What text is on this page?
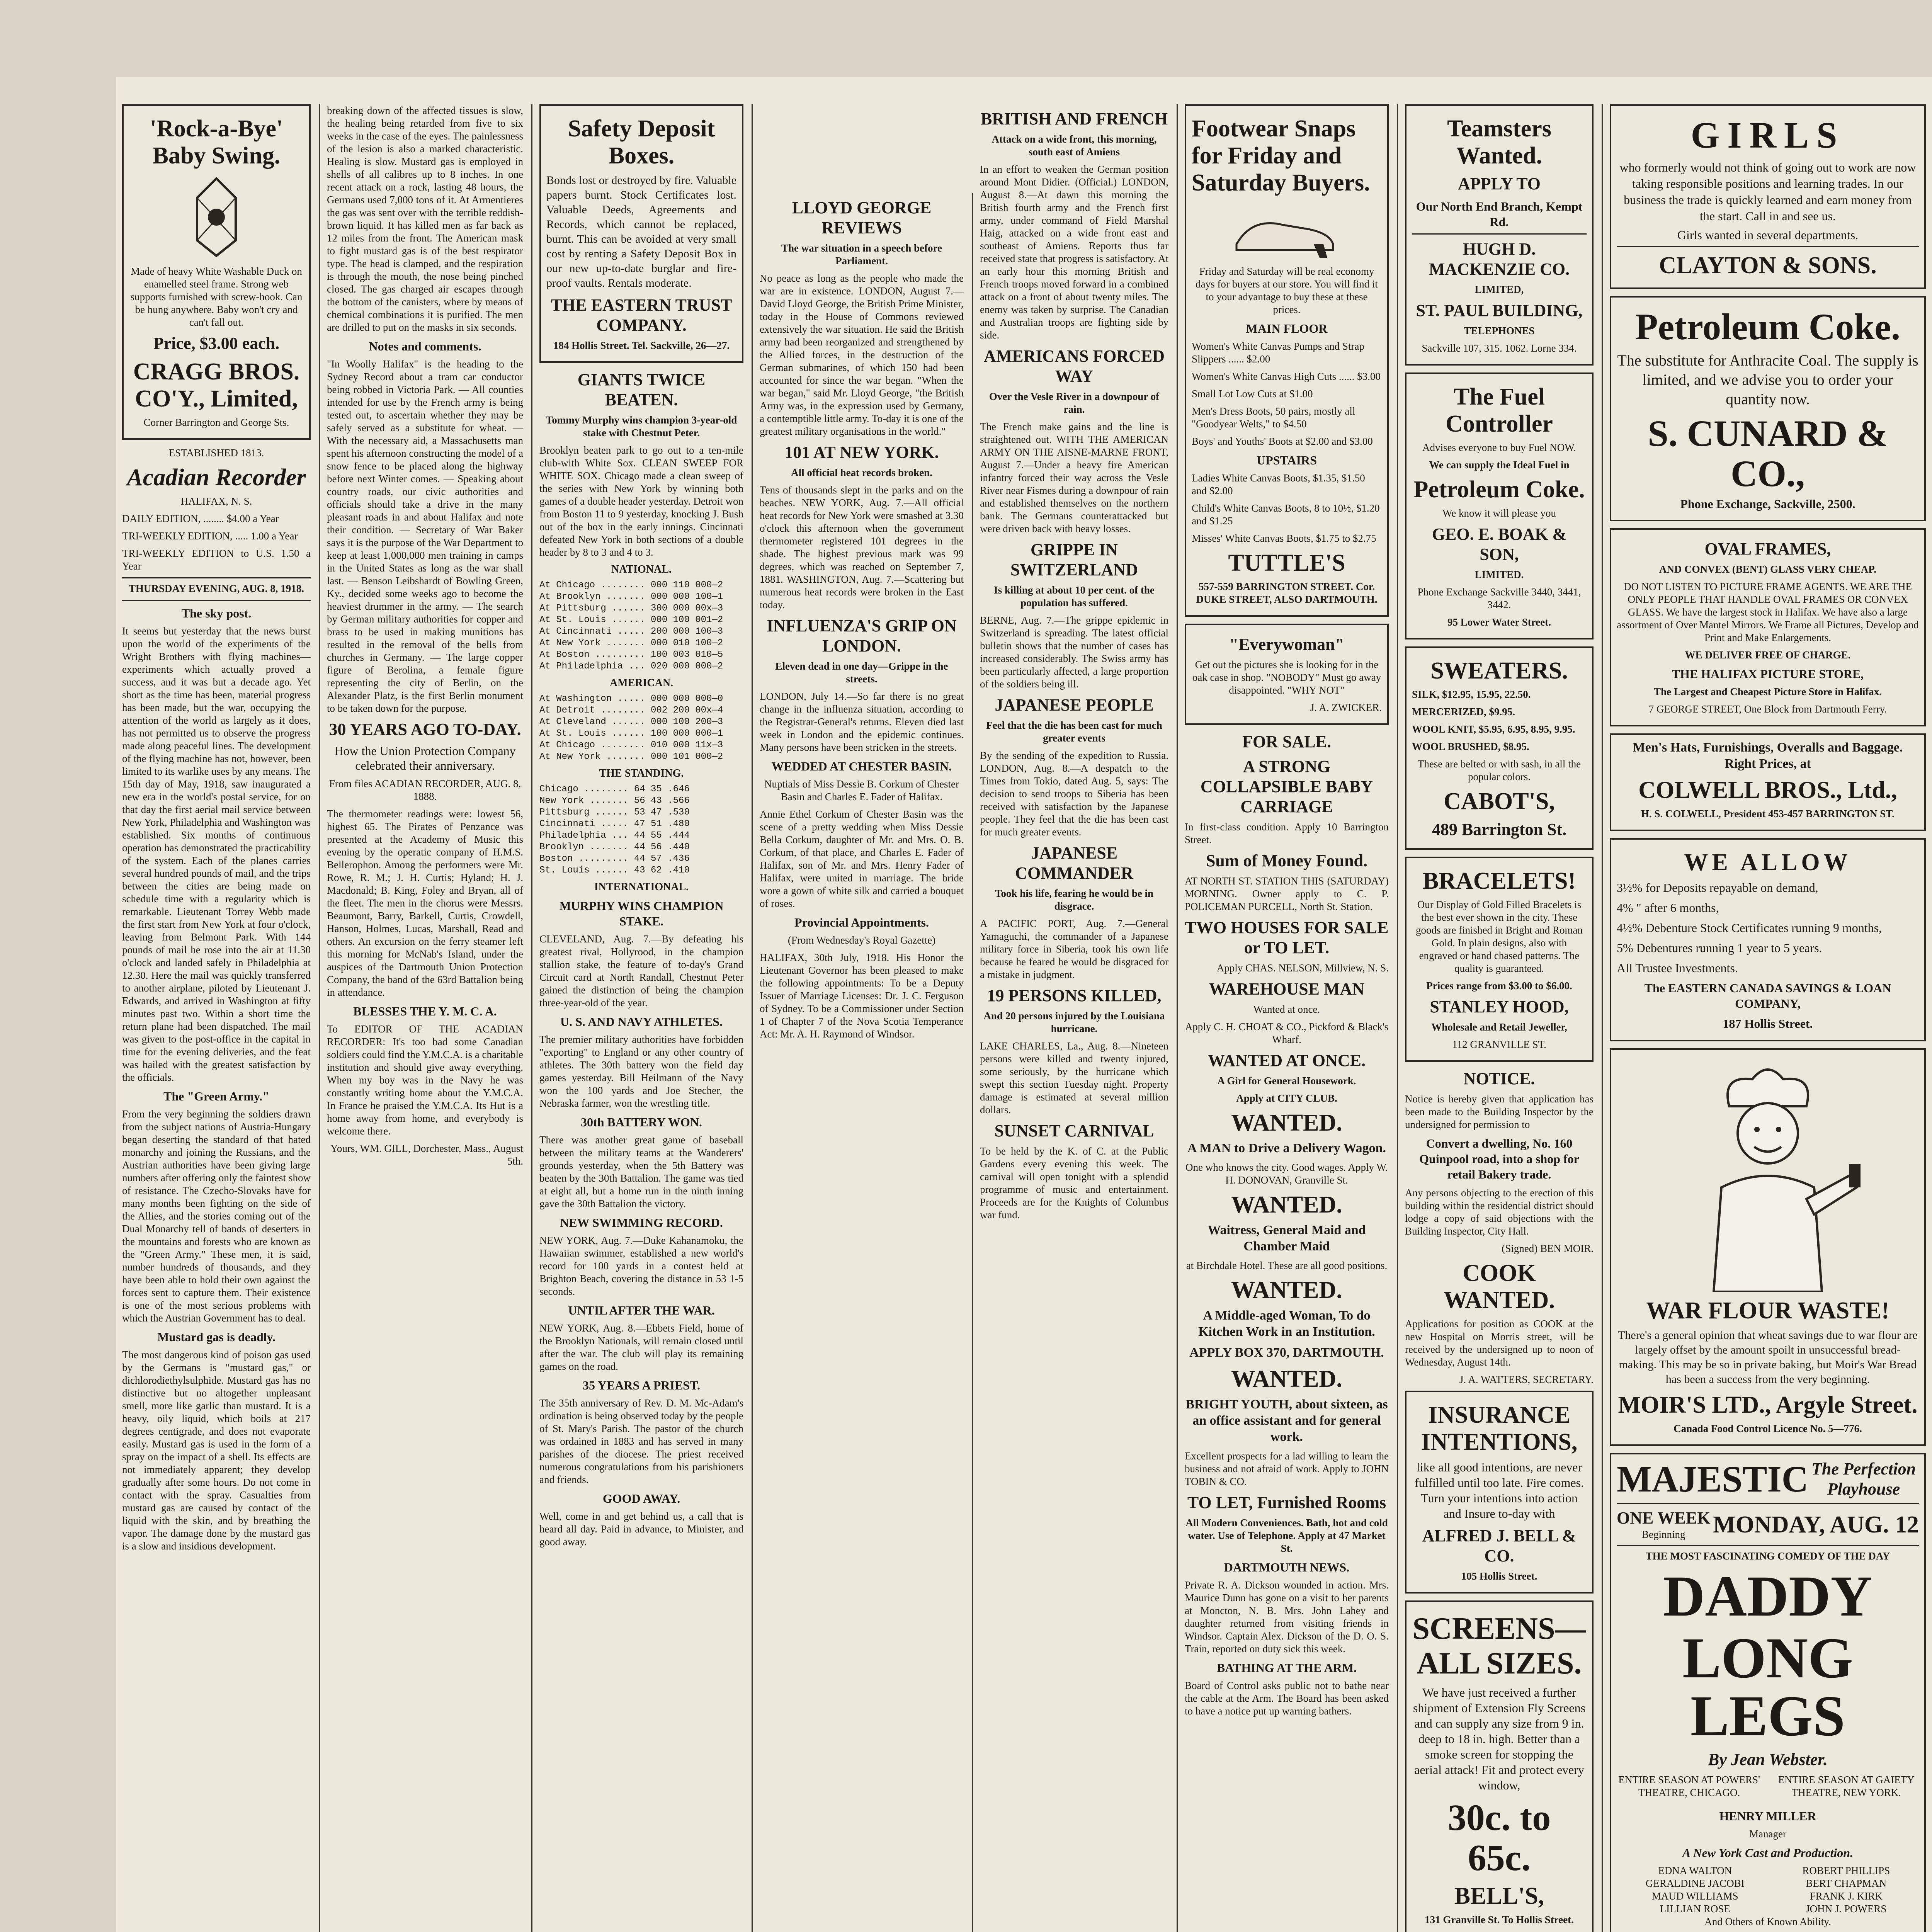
'Rock-a-Bye' Baby Swing.

Made of heavy White Washable Duck on enamelled steel frame. Strong web supports furnished with screw-hook. Can be hung anywhere. Baby won't cry and can't fall out.

Price, $3.00 each.
CRAGG BROS. CO'Y., Limited,
Corner Barrington and George Sts.
ESTABLISHED 1813.
Acadian Recorder
HALIFAX, N. S.
DAILY EDITION, ........ $4.00 a Year
TRI-WEEKLY EDITION, ..... 1.00 a Year
TRI-WEEKLY EDITION to U.S. 1.50 a Year
THURSDAY EVENING, AUG. 8, 1918.
The sky post.

It seems but yesterday that the news burst upon the world of the experiments of the Wright Brothers with flying machines—experiments which actually proved a success, and it was but a decade ago. Yet short as the time has been, material progress has been made, but the war, occupying the attention of the world as largely as it does, has not permitted us to observe the progress made along peaceful lines. The development of the flying machine has not, however, been limited to its warlike uses by any means. The 15th day of May, 1918, saw inaugurated a new era in the world's postal service, for on that day the first aerial mail service between New York, Philadelphia and Washington was established. Six months of continuous operation has demonstrated the practicability of the system. Each of the planes carries several hundred pounds of mail, and the trips between the cities are being made on schedule time with a regularity which is remarkable. Lieutenant Torrey Webb made the first start from New York at four o'clock, leaving from Belmont Park. With 144 pounds of mail he rose into the air at 11.30 o'clock and landed safely in Philadelphia at 12.30. Here the mail was quickly transferred to another airplane, piloted by Lieutenant J. Edwards, and arrived in Washington at fifty minutes past two. Within a short time the return plane had been dispatched. The mail was given to the post-office in the capital in time for the evening deliveries, and the feat was hailed with the greatest satisfaction by the officials.

The "Green Army."

From the very beginning the soldiers drawn from the subject nations of Austria-Hungary began deserting the standard of that hated monarchy and joining the Russians, and the Austrian authorities have been giving large numbers after offering only the faintest show of resistance. The Czecho-Slovaks have for many months been fighting on the side of the Allies, and the stories coming out of the Dual Monarchy tell of bands of deserters in the mountains and forests who are known as the "Green Army." These men, it is said, number hundreds of thousands, and they have been able to hold their own against the forces sent to capture them. Their existence is one of the most serious problems with which the Austrian Government has to deal.

Mustard gas is deadly.

The most dangerous kind of poison gas used by the Germans is "mustard gas," or dichlorodiethylsulphide. Mustard gas has no distinctive but no altogether unpleasant smell, more like garlic than mustard. It is a heavy, oily liquid, which boils at 217 degrees centigrade, and does not evaporate easily. Mustard gas is used in the form of a spray on the impact of a shell. Its effects are not immediately apparent; they develop gradually after some hours. Do not come in contact with the spray. Casualties from mustard gas are caused by contact of the liquid with the skin, and by breathing the vapor. The damage done by the mustard gas is a slow and insidious development.

breaking down of the affected tissues is slow, the healing being retarded from five to six weeks in the case of the eyes. The painlessness of the lesion is also a marked characteristic. Healing is slow. Mustard gas is employed in shells of all calibres up to 8 inches. In one recent attack on a rock, lasting 48 hours, the Germans used 7,000 tons of it. At Armentieres the gas was sent over with the terrible reddish-brown liquid. It has killed men as far back as 12 miles from the front. The American mask to fight mustard gas is of the best respirator type. The head is clamped, and the respiration is through the mouth, the nose being pinched closed. The gas charged air escapes through the bottom of the canisters, where by means of chemical combinations it is purified. The men are drilled to put on the masks in six seconds.

Notes and comments.

"In Woolly Halifax" is the heading to the Sydney Record about a tram car conductor being robbed in Victoria Park. — All counties intended for use by the French army is being tested out, to ascertain whether they may be safely served as a substitute for wheat. — With the necessary aid, a Massachusetts man spent his afternoon constructing the model of a snow fence to be placed along the highway before next Winter comes. — Speaking about country roads, our civic authorities and officials should take a drive in the many pleasant roads in and about Halifax and note their condition. — Secretary of War Baker says it is the purpose of the War Department to keep at least 1,000,000 men training in camps in the United States as long as the war shall last. — Benson Leibshardt of Bowling Green, Ky., decided some weeks ago to become the heaviest drummer in the army. — The search by German military authorities for copper and brass to be used in making munitions has resulted in the removal of the bells from churches in Germany. — The large copper figure of Berolina, a female figure representing the city of Berlin, on the Alexander Platz, is the first Berlin monument to be taken down for the purpose.

30 YEARS AGO TO-DAY.
How the Union Protection Company celebrated their anniversary.
From files ACADIAN RECORDER, AUG. 8, 1888.

The thermometer readings were: lowest 56, highest 65. The Pirates of Penzance was presented at the Academy of Music this evening by the operatic company of H.M.S. Bellerophon. Among the performers were Mr. Rowe, R. M.; J. H. Curtis; Hyland; H. J. Macdonald; B. King, Foley and Bryan, all of the fleet. The men in the chorus were Messrs. Beaumont, Barry, Barkell, Curtis, Crowdell, Hanson, Holmes, Lucas, Marshall, Read and others. An excursion on the ferry steamer left this morning for McNab's Island, under the auspices of the Dartmouth Union Protection Company, the band of the 63rd Battalion being in attendance.

BLESSES THE Y. M. C. A.

To EDITOR OF THE ACADIAN RECORDER: It's too bad some Canadian soldiers could find the Y.M.C.A. is a charitable institution and should give away everything. When my boy was in the Navy he was constantly writing home about the Y.M.C.A. In France he praised the Y.M.C.A. Its Hut is a home away from home, and everybody is welcome there.

Yours, WM. GILL, Dorchester, Mass., August 5th.

Safety Deposit Boxes.

Bonds lost or destroyed by fire. Valuable papers burnt. Stock Certificates lost. Valuable Deeds, Agreements and Records, which cannot be replaced, burnt. This can be avoided at very small cost by renting a Safety Deposit Box in our new up-to-date burglar and fire-proof vaults. Rentals moderate.

THE EASTERN TRUST COMPANY.
184 Hollis Street. Tel. Sackville, 26—27.
GIANTS TWICE BEATEN.
Tommy Murphy wins champion 3-year-old stake with Chestnut Peter.

Brooklyn beaten park to go out to a ten-mile club-with White Sox. CLEAN SWEEP FOR WHITE SOX. Chicago made a clean sweep of the series with New York by winning both games of a double header yesterday. Detroit won from Boston 11 to 9 yesterday, knocking J. Bush out of the box in the early innings. Cincinnati defeated New York in both sections of a double header by 8 to 3 and 4 to 3.

NATIONAL.
At Chicago ........ 000 110 000—2
At Brooklyn ....... 000 000 100—1
At Pittsburg ...... 300 000 00x—3
At St. Louis ...... 000 100 001—2
At Cincinnati ..... 200 000 100—3
At New York ....... 000 010 100—2
At Boston ......... 100 003 010—5
At Philadelphia ... 020 000 000—2
AMERICAN.
At Washington ..... 000 000 000—0
At Detroit ........ 002 200 00x—4
At Cleveland ...... 000 100 200—3
At St. Louis ...... 100 000 000—1
At Chicago ........ 010 000 11x—3
At New York ....... 000 101 000—2
THE STANDING.
Chicago ........ 64 35 .646
New York ....... 56 43 .566
Pittsburg ...... 53 47 .530
Cincinnati ..... 47 51 .480
Philadelphia ... 44 55 .444
Brooklyn ....... 44 56 .440
Boston ......... 44 57 .436
St. Louis ...... 43 62 .410
INTERNATIONAL.
MURPHY WINS CHAMPION STAKE.

CLEVELAND, Aug. 7.—By defeating his greatest rival, Hollyrood, in the champion stallion stake, the feature of to-day's Grand Circuit card at North Randall, Chestnut Peter gained the distinction of being the champion three-year-old of the year.

U. S. AND NAVY ATHLETES.

The premier military authorities have forbidden "exporting" to England or any other country of athletes. The 30th battery won the field day games yesterday. Bill Heilmann of the Navy won the 100 yards and Joe Stecher, the Nebraska farmer, won the wrestling title.

30th BATTERY WON.

There was another great game of baseball between the military teams at the Wanderers' grounds yesterday, when the 5th Battery was beaten by the 30th Battalion. The game was tied at eight all, but a home run in the ninth inning gave the 30th Battalion the victory.

NEW SWIMMING RECORD.

NEW YORK, Aug. 7.—Duke Kahanamoku, the Hawaiian swimmer, established a new world's record for 100 yards in a contest held at Brighton Beach, covering the distance in 53 1-5 seconds.

UNTIL AFTER THE WAR.

NEW YORK, Aug. 8.—Ebbets Field, home of the Brooklyn Nationals, will remain closed until after the war. The club will play its remaining games on the road.

35 YEARS A PRIEST.

The 35th anniversary of Rev. D. M. Mc-Adam's ordination is being observed today by the people of St. Mary's Parish. The pastor of the church was ordained in 1883 and has served in many parishes of the diocese. The priest received numerous congratulations from his parishioners and friends.

GOOD AWAY.

Well, come in and get behind us, a call that is heard all day. Paid in advance, to Minister, and good away.

LLOYD GEORGE REVIEWS
The war situation in a speech before Parliament.

No peace as long as the people who made the war are in existence. LONDON, August 7.—David Lloyd George, the British Prime Minister, today in the House of Commons reviewed extensively the war situation. He said the British army had been reorganized and strengthened by the Allied forces, in the destruction of the German submarines, of which 150 had been accounted for since the war began. "When the war began," said Mr. Lloyd George, "the British Army was, in the expression used by Germany, a contemptible little army. To-day it is one of the greatest military organisations in the world."

101 AT NEW YORK.
All official heat records broken.

Tens of thousands slept in the parks and on the beaches. NEW YORK, Aug. 7.—All official heat records for New York were smashed at 3.30 o'clock this afternoon when the government thermometer registered 101 degrees in the shade. The highest previous mark was 99 degrees, which was reached on September 7, 1881. WASHINGTON, Aug. 7.—Scattering but numerous heat records were broken in the East today.

INFLUENZA'S GRIP ON LONDON.
Eleven dead in one day—Grippe in the streets.

LONDON, July 14.—So far there is no great change in the influenza situation, according to the Registrar-General's returns. Eleven died last week in London and the epidemic continues. Many persons have been stricken in the streets.

WEDDED AT CHESTER BASIN.
Nuptials of Miss Dessie B. Corkum of Chester Basin and Charles E. Fader of Halifax.

Annie Ethel Corkum of Chester Basin was the scene of a pretty wedding when Miss Dessie Bella Corkum, daughter of Mr. and Mrs. O. B. Corkum, of that place, and Charles E. Fader of Halifax, son of Mr. and Mrs. Henry Fader of Halifax, were united in marriage. The bride wore a gown of white silk and carried a bouquet of roses.

Provincial Appointments.
(From Wednesday's Royal Gazette)

HALIFAX, 30th July, 1918. His Honor the Lieutenant Governor has been pleased to make the following appointments: To be a Deputy Issuer of Marriage Licenses: Dr. J. C. Ferguson of Sydney. To be a Commissioner under Section 1 of Chapter 7 of the Nova Scotia Temperance Act: Mr. A. H. Raymond of Windsor.

BRITISH AND FRENCH
Attack on a wide front, this morning, south east of Amiens

In an effort to weaken the German position around Mont Didier. (Official.) LONDON, August 8.—At dawn this morning the British fourth army and the French first army, under command of Field Marshal Haig, attacked on a wide front east and southeast of Amiens. Reports thus far received state that progress is satisfactory. At an early hour this morning British and French troops moved forward in a combined attack on a front of about twenty miles. The enemy was taken by surprise. The Canadian and Australian troops are fighting side by side.

AMERICANS FORCED WAY
Over the Vesle River in a downpour of rain.

The French make gains and the line is straightened out. WITH THE AMERICAN ARMY ON THE AISNE-MARNE FRONT, August 7.—Under a heavy fire American infantry forced their way across the Vesle River near Fismes during a downpour of rain and established themselves on the northern bank. The Germans counterattacked but were driven back with heavy losses.

GRIPPE IN SWITZERLAND
Is killing at about 10 per cent. of the population has suffered.

BERNE, Aug. 7.—The grippe epidemic in Switzerland is spreading. The latest official bulletin shows that the number of cases has increased considerably. The Swiss army has been particularly affected, a large proportion of the soldiers being ill.

JAPANESE PEOPLE
Feel that the die has been cast for much greater events

By the sending of the expedition to Russia. LONDON, Aug. 8.—A despatch to the Times from Tokio, dated Aug. 5, says: The decision to send troops to Siberia has been received with satisfaction by the Japanese people. They feel that the die has been cast for much greater events.

JAPANESE COMMANDER
Took his life, fearing he would be in disgrace.

A PACIFIC PORT, Aug. 7.—General Yamaguchi, the commander of a Japanese military force in Siberia, took his own life because he feared he would be disgraced for a mistake in judgment.

19 PERSONS KILLED,
And 20 persons injured by the Louisiana hurricane.

LAKE CHARLES, La., Aug. 8.—Nineteen persons were killed and twenty injured, some seriously, by the hurricane which swept this section Tuesday night. Property damage is estimated at several million dollars.

SUNSET CARNIVAL

To be held by the K. of C. at the Public Gardens every evening this week. The carnival will open tonight with a splendid programme of music and entertainment. Proceeds are for the Knights of Columbus war fund.

Footwear Snaps for Friday and Saturday Buyers.

Friday and Saturday will be real economy days for buyers at our store. You will find it to your advantage to buy these at these prices.

MAIN FLOOR
Women's White Canvas Pumps and Strap Slippers ...... $2.00
Women's White Canvas High Cuts ...... $3.00
Small Lot Low Cuts at $1.00
Men's Dress Boots, 50 pairs, mostly all "Goodyear Welts," to $4.50
Boys' and Youths' Boots at $2.00 and $3.00
UPSTAIRS
Ladies White Canvas Boots, $1.35, $1.50 and $2.00
Child's White Canvas Boots, 8 to 10½, $1.20 and $1.25
Misses' White Canvas Boots, $1.75 to $2.75
TUTTLE'S
557-559 BARRINGTON STREET. Cor. DUKE STREET, ALSO DARTMOUTH.
"Everywoman"

Get out the pictures she is looking for in the oak case in shop. "NOBODY" Must go away disappointed. "WHY NOT"

J. A. ZWICKER.
FOR SALE.
A STRONG COLLAPSIBLE BABY CARRIAGE

In first-class condition. Apply 10 Barrington Street.

Sum of Money Found.

AT NORTH ST. STATION THIS (SATURDAY) MORNING. Owner apply to C. P. POLICEMAN PURCELL, North St. Station.

TWO HOUSES FOR SALE or TO LET.
Apply CHAS. NELSON, Millview, N. S.
WAREHOUSE MAN
Wanted at once.
Apply C. H. CHOAT & CO., Pickford & Black's Wharf.
WANTED AT ONCE.
A Girl for General Housework.
Apply at CITY CLUB.
WANTED.
A MAN to Drive a Delivery Wagon.
One who knows the city. Good wages. Apply W. H. DONOVAN, Granville St.
WANTED.
Waitress, General Maid and Chamber Maid
at Birchdale Hotel. These are all good positions.
WANTED.
A Middle-aged Woman, To do Kitchen Work in an Institution.
APPLY BOX 370, DARTMOUTH.
WANTED.
BRIGHT YOUTH, about sixteen, as an office assistant and for general work.

Excellent prospects for a lad willing to learn the business and not afraid of work. Apply to JOHN TOBIN & CO.

TO LET, Furnished Rooms

All Modern Conveniences. Bath, hot and cold water. Use of Telephone. Apply at 47 Market St.

DARTMOUTH NEWS.

Private R. A. Dickson wounded in action. Mrs. Maurice Dunn has gone on a visit to her parents at Moncton, N. B. Mrs. John Lahey and daughter returned from visiting friends in Windsor. Captain Alex. Dickson of the D. O. S. Train, reported on duty sick this week.

BATHING AT THE ARM.

Board of Control asks public not to bathe near the cable at the Arm. The Board has been asked to have a notice put up warning bathers.

Teamsters Wanted.
APPLY TO
Our North End Branch, Kempt Rd.
HUGH D. MACKENZIE CO.
LIMITED,
ST. PAUL BUILDING,
TELEPHONES
Sackville 107, 315. 1062. Lorne 334.
The Fuel Controller
Advises everyone to buy Fuel NOW.
We can supply the Ideal Fuel in
Petroleum Coke.
We know it will please you
GEO. E. BOAK & SON,
LIMITED.
Phone Exchange Sackville 3440, 3441, 3442.
95 Lower Water Street.
SWEATERS.
SILK, $12.95, 15.95, 22.50.
MERCERIZED, $9.95.
WOOL KNIT, $5.95, 6.95, 8.95, 9.95.
WOOL BRUSHED, $8.95.
These are belted or with sash, in all the popular colors.
CABOT'S,
489 Barrington St.
BRACELETS!

Our Display of Gold Filled Bracelets is the best ever shown in the city. These goods are finished in Bright and Roman Gold. In plain designs, also with engraved or hand chased patterns. The quality is guaranteed.

Prices range from $3.00 to $6.00.
STANLEY HOOD,
Wholesale and Retail Jeweller,
112 GRANVILLE ST.
NOTICE.

Notice is hereby given that application has been made to the Building Inspector by the undersigned for permission to

Convert a dwelling, No. 160 Quinpool road, into a shop for retail Bakery trade.

Any persons objecting to the erection of this building within the residential district should lodge a copy of said objections with the Building Inspector, City Hall.

(Signed) BEN MOIR.
COOK WANTED.

Applications for position as COOK at the new Hospital on Morris street, will be received by the undersigned up to noon of Wednesday, August 14th.

J. A. WATTERS, SECRETARY.
INSURANCE INTENTIONS,

like all good intentions, are never fulfilled until too late. Fire comes. Turn your intentions into action and Insure to-day with

ALFRED J. BELL & CO.
105 Hollis Street.
SCREENS— ALL SIZES.

We have just received a further shipment of Extension Fly Screens and can supply any size from 9 in. deep to 18 in. high. Better than a smoke screen for stopping the aerial attack! Fit and protect every window,

30c. to 65c.
BELL'S,
131 Granville St. To Hollis Street.
GIRLS

who formerly would not think of going out to work are now taking responsible positions and learning trades. In our business the trade is quickly learned and earn money from the start. Call in and see us.

Girls wanted in several departments.
CLAYTON & SONS.
Petroleum Coke.

The substitute for Anthracite Coal. The supply is limited, and we advise you to order your quantity now.

S. CUNARD & CO.,
Phone Exchange, Sackville, 2500.
OVAL FRAMES,
AND CONVEX (BENT) GLASS VERY CHEAP.

DO NOT LISTEN TO PICTURE FRAME AGENTS. WE ARE THE ONLY PEOPLE THAT HANDLE OVAL FRAMES OR CONVEX GLASS. We have the largest stock in Halifax. We have also a large assortment of Over Mantel Mirrors. We Frame all Pictures, Develop and Print and Make Enlargements.

WE DELIVER FREE OF CHARGE.
THE HALIFAX PICTURE STORE,
The Largest and Cheapest Picture Store in Halifax.
7 GEORGE STREET, One Block from Dartmouth Ferry.
Men's Hats, Furnishings, Overalls and Baggage. Right Prices, at
COLWELL BROS., Ltd.,
H. S. COLWELL, President 453-457 BARRINGTON ST.
WE ALLOW
3½% for Deposits repayable on demand,
4% " after 6 months,
4½% Debenture Stock Certificates running 9 months,
5% Debentures running 1 year to 5 years.
All Trustee Investments.
The EASTERN CANADA SAVINGS & LOAN COMPANY,
187 Hollis Street.
WAR FLOUR WASTE!

There's a general opinion that wheat savings due to war flour are largely offset by the amount spoilt in unsuccessful bread-making. This may be so in private baking, but Moir's War Bread has been a success from the very beginning.

MOIR'S LTD., Argyle Street.
Canada Food Control Licence No. 5—776.
MAJESTIC The Perfection Playhouse
ONE WEEK
Beginning	MONDAY, AUG. 12
THE MOST FASCINATING COMEDY OF THE DAY
DADDY
LONG LEGS
By Jean Webster.
ENTIRE SEASON AT POWERS' THEATRE, CHICAGO.
ENTIRE SEASON AT GAIETY THEATRE, NEW YORK.
HENRY MILLER
Manager
A New York Cast and Production.
EDNA WALTON
GERALDINE JACOBI
MAUD WILLIAMS
LILLIAN ROSE
ROBERT PHILLIPS
BERT CHAPMAN
FRANK J. KIRK
JOHN J. POWERS
And Others of Known Ability.
